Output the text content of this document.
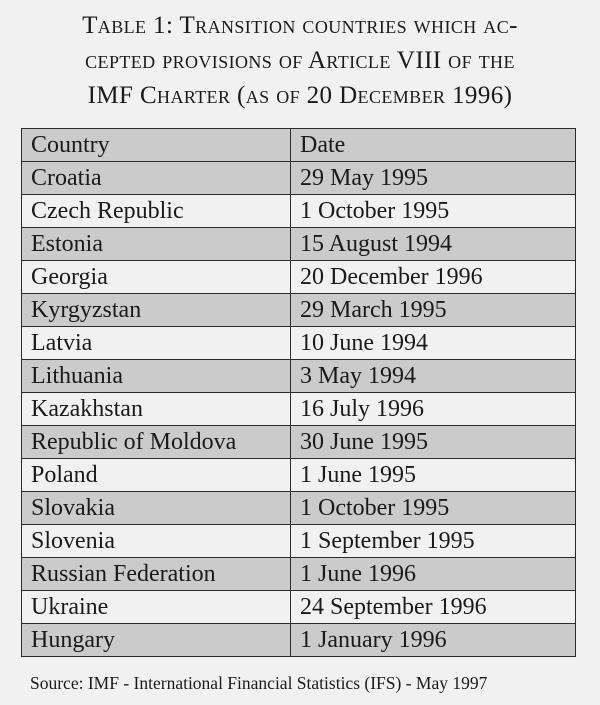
Table 1: Transition countries which ac-
cepted provisions of Article VIII of the
IMF Charter (as of 20 December 1996)
Country	Date
Croatia	29 May 1995
Czech Republic	1 October 1995
Estonia	15 August 1994
Georgia	20 December 1996
Kyrgyzstan	29 March 1995
Latvia	10 June 1994
Lithuania	3 May 1994
Kazakhstan	16 July 1996
Republic of Moldova	30 June 1995
Poland	1 June 1995
Slovakia	1 October 1995
Slovenia	1 September 1995
Russian Federation	1 June 1996
Ukraine	24 September 1996
Hungary	1 January 1996
Source: IMF - International Financial Statistics (IFS) - May 1997
